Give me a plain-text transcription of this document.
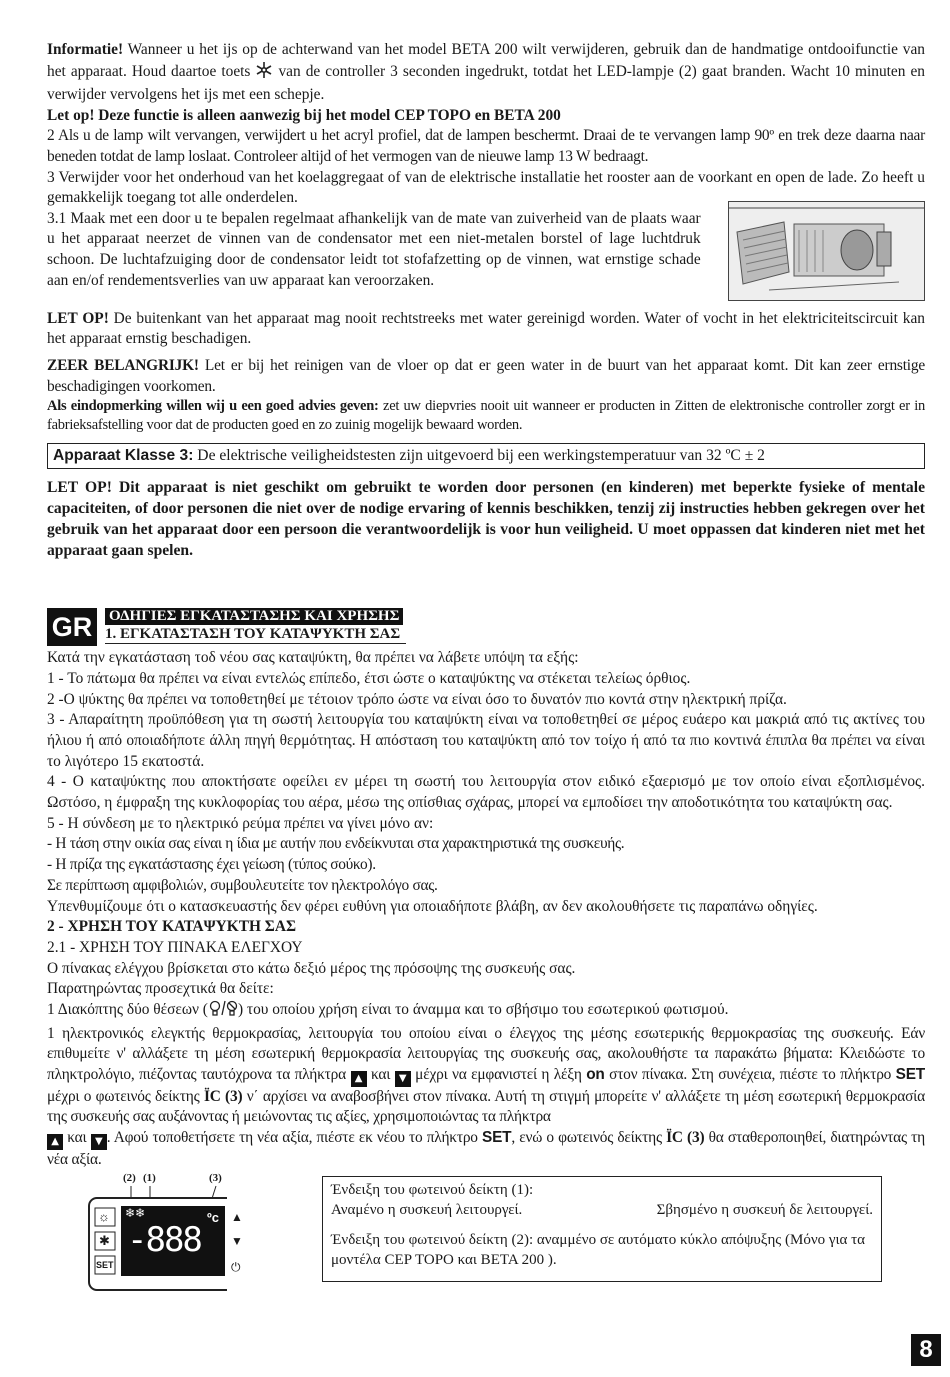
Informatie! Wanneer u het ijs op de achterwand van het model BETA 200 wilt verwijderen, gebruik dan de handmatige ontdooifunctie van het apparaat. Houd daartoe toets  van de controller 3 seconden ingedrukt, totdat het LED-lampje (2) gaat branden. Wacht 10 minuten en verwijder vervolgens het ijs met een schepje.

Let op! Deze functie is alleen aanwezig bij het model CEP TOPO en BETA 200

2 Als u de lamp wilt vervangen, verwijdert u het acryl profiel, dat de lampen beschermt. Draai de te vervangen lamp 90º en trek deze daarna naar beneden totdat de lamp loslaat. Controleer altijd of het vermogen van de nieuwe lamp 13 W bedraagt.

3 Verwijder voor het onderhoud van het koelaggregaat of van de elektrische installatie het rooster aan de voorkant en open de lade. Zo heeft u gemakkelijk toegang tot alle onderdelen.

3.1 Maak met een door u te bepalen regelmaat afhankelijk van de mate van zuiverheid van de plaats waar u het apparaat neerzet de vinnen van de condensator met een niet-metalen borstel of lage luchtdruk schoon. De luchtafzuiging door de condensator leidt tot stofafzetting op de vinnen, wat ernstige schade aan en/of rendementsverlies van uw apparaat kan veroorzaken.

LET OP! De buitenkant van het apparaat mag nooit rechtstreeks met water gereinigd worden. Water of vocht in het elektriciteitscircuit kan het apparaat ernstig beschadigen.

ZEER BELANGRIJK! Let er bij het reinigen van de vloer op dat er geen water in de buurt van het apparaat komt. Dit kan zeer ernstige beschadigingen voorkomen.

Als eindopmerking willen wij u een goed advies geven: zet uw diepvries nooit uit wanneer er producten in Zitten de elektronische controller zorgt er in fabrieksafstelling voor dat de producten goed en zo zuinig mogelijk bewaard worden.

Apparaat Klasse 3: De elektrische veiligheidstesten zijn uitgevoerd bij een werkingstemperatuur van 32 ºC ± 2

LET OP! Dit apparaat is niet geschikt om gebruikt te worden door personen (en kinderen) met beperkte fysieke of mentale capaciteiten, of door personen die niet over de nodige ervaring of kennis beschikken, tenzij zij instructies hebben gekregen over het gebruik van het apparaat door een persoon die verantwoordelijk is voor hun veiligheid. U moet oppassen dat kinderen niet met het apparaat gaan spelen.

GR	ΟΔΗΓΙΕΣ ΕΓΚΑΤΑΣΤΑΣΗΣ ΚΑΙ ΧΡΗΣΗΣ
1. ΕΓΚΑΤΑΣΤΑΣΗ ΤΟΥ ΚΑΤΑΨΥΚΤΗ ΣΑΣ

Κατά την εγκατάσταση τοδ νέου σας καταψύκτη, θα πρέπει να λάβετε υπόψη τα εξής:

1 - Το πάτωμα θα πρέπει να είναι εντελώς επίπεδο, έτσι ώστε ο καταψύκτης να στέκεται τελείως όρθιος.

2 -Ο ψύκτης θα πρέπει να τοποθετηθεί με τέτοιον τρόπο ώστε να είναι όσο το δυνατόν πιο κοντά στην ηλεκτρική πρίζα.

3 - Απαραίτητη προϋπόθεση για τη σωστή λειτουργία του καταψύκτη είναι να τοποθετηθεί σε μέρος ευάερο και μακριά από τις ακτίνες του ήλιου ή από οποιαδήποτε άλλη πηγή θερμότητας. Η απόσταση του καταψύκτη από τον τοίχο ή από τα πιο κοντινά έπιπλα θα πρέπει να είναι το λιγότερο 15 εκατοστά.

4 - Ο καταψύκτης που αποκτήσατε οφείλει εν μέρει τη σωστή του λειτουργία στον ειδικό εξαερισμό με τον οποίο είναι εξοπλισμένος. Ωστόσο, η έμφραξη της κυκλοφορίας του αέρα, μέσω της οπίσθιας σχάρας, μπορεί να εμποδίσει την αποδοτικότητα του καταψύκτη σας.

5 - Η σύνδεση με το ηλεκτρικό ρεύμα πρέπει να γίνει μόνο αν:

- Η τάση στην οικία σας είναι η ίδια με αυτήν που ενδείκνυται στα χαρακτηριστικά της συσκευής.

- Η πρίζα της εγκατάστασης έχει γείωση (τύπος σούκο).

Σε περίπτωση αμφιβολιών, συμβουλευτείτε τον ηλεκτρολόγο σας.

Υπενθυμίζουμε ότι ο κατασκευαστής δεν φέρει ευθύνη για οποιαδήποτε βλάβη, αν δεν ακολουθήσετε τις παραπάνω οδηγίες.

2 - ΧΡΗΣΗ ΤΟΥ ΚΑΤΑΨΥΚΤΗ ΣΑΣ

2.1 - ΧΡΗΣΗ ΤΟΥ ΠΙΝΑΚΑ ΕΛΕΓΧΟΥ

Ο πίνακας ελέγχου βρίσκεται στο κάτω δεξιό μέρος της πρόσοψης της συσκευής σας.

Παρατηρώντας προσεχτικά θα δείτε:

1 Διακόπτης δύο θέσεων ( ) του οποίου χρήση είναι το άναμμα και το σβήσιμο του εσωτερικού φωτισμού.

1 ηλεκτρονικός ελεγκτής θερμοκρασίας, λειτουργία του οποίου είναι ο έλεγχος της μέσης εσωτερικής θερμοκρασίας της συσκευής. Εάν επιθυμείτε ν' αλλάξετε τη μέση εσωτερική θερμοκρασία λειτουργίας της συσκευής σας, ακολουθήστε τα παρακάτω βήματα: Κλειδώστε το πληκτρολόγιο, πιέζοντας ταυτόχρονα τα πλήκτρα ▲ και ▼ μέχρι να εμφανιστεί η λέξη on στον πίνακα. Στη συνέχεια, πιέστε το πλήκτρο SET μέχρι ο φωτεινός δείκτης ÏC (3) ν΄ αρχίσει να αναβοσβήνει στον πίνακα. Αυτή τη στιγμή μπορείτε ν' αλλάξετε τη μέση εσωτερική θερμοκρασία της συσκευής σας αυξάνοντας ή μειώνοντας τις αξίες, χρησιμοποιώντας τα πλήκτρα
▲ και ▼ . Αφού τοποθετήσετε τη νέα αξία, πιέστε εκ νέου το πλήκτρο SET, ενώ ο φωτεινός δείκτης ÏC (3) θα σταθεροποιηθεί, διατηρώντας τη νέα αξία.

(2) (1)	(3)
❄❄
-888
ºc
☼
✱
SET
▲
▼
⏻
Ένδειξη του φωτεινού δείκτη (1):
Αναμένο η συσκευή λειτουργεί.	Σβησμένο η συσκευή δε λειτουργεί.
Ένδειξη του φωτεινού δείκτη (2): αναμμένο σε αυτόματο κύκλο απόψυξης (Μόνο για τα μοντέλα CEP TOPO και BETA 200 ).
8
